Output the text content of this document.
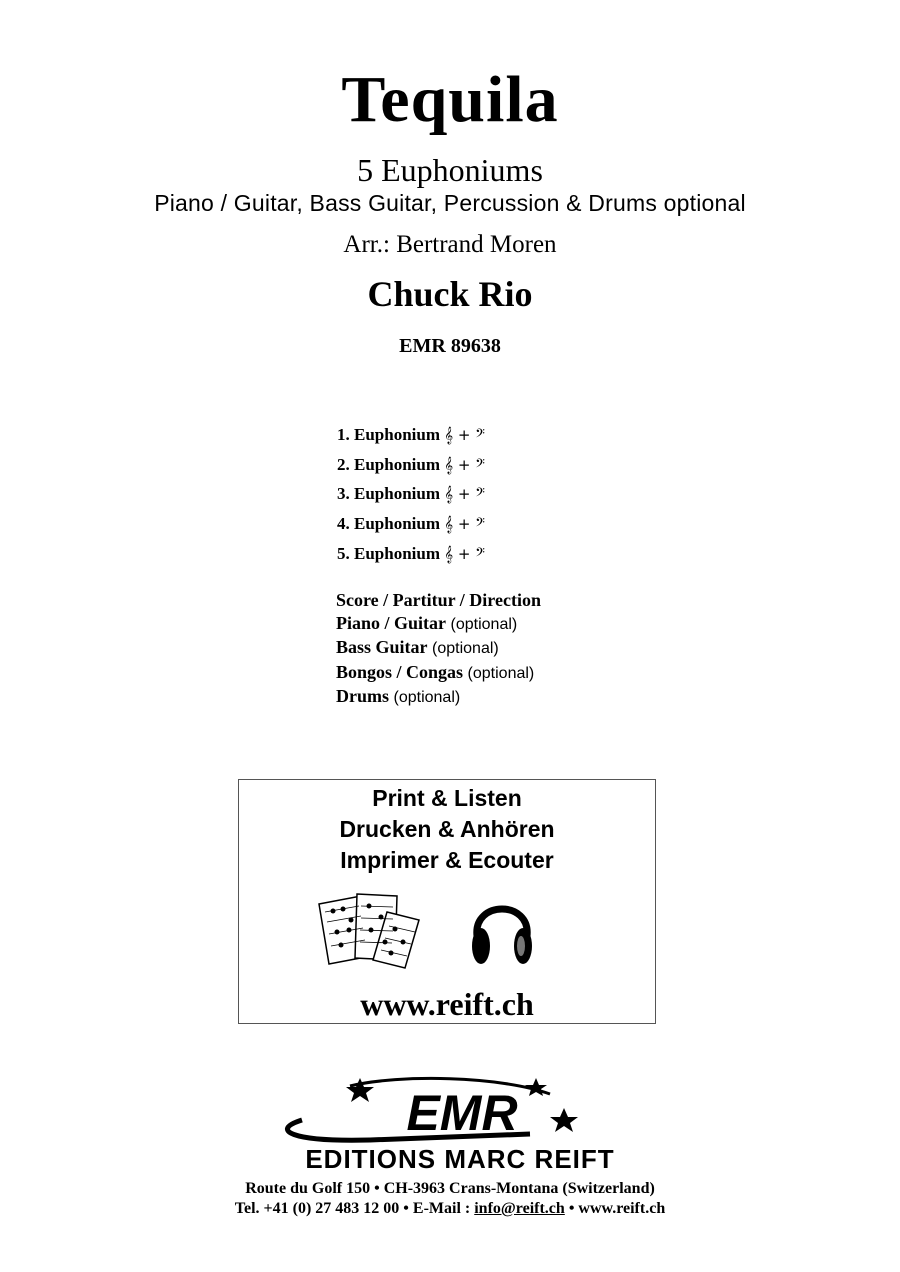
Tequila
5 Euphoniums
Piano / Guitar, Bass Guitar, Percussion & Drums optional
Arr.: Bertrand Moren
Chuck Rio
EMR 89638
1. Euphonium 𝄞 + 𝄢
2. Euphonium 𝄞 + 𝄢
3. Euphonium 𝄞 + 𝄢
4. Euphonium 𝄞 + 𝄢
5. Euphonium 𝄞 + 𝄢
Score / Partitur / Direction
Piano / Guitar (optional)
Bass Guitar (optional)
Bongos / Congas (optional)
Drums (optional)
Print & Listen
Drucken & Anhören
Imprimer & Ecouter
www.reift.ch
EMR
EDITIONS MARC REIFT
Route du Golf 150 • CH-3963 Crans-Montana (Switzerland)
Tel. +41 (0) 27 483 12 00 • E-Mail : info@reift.ch • www.reift.ch
